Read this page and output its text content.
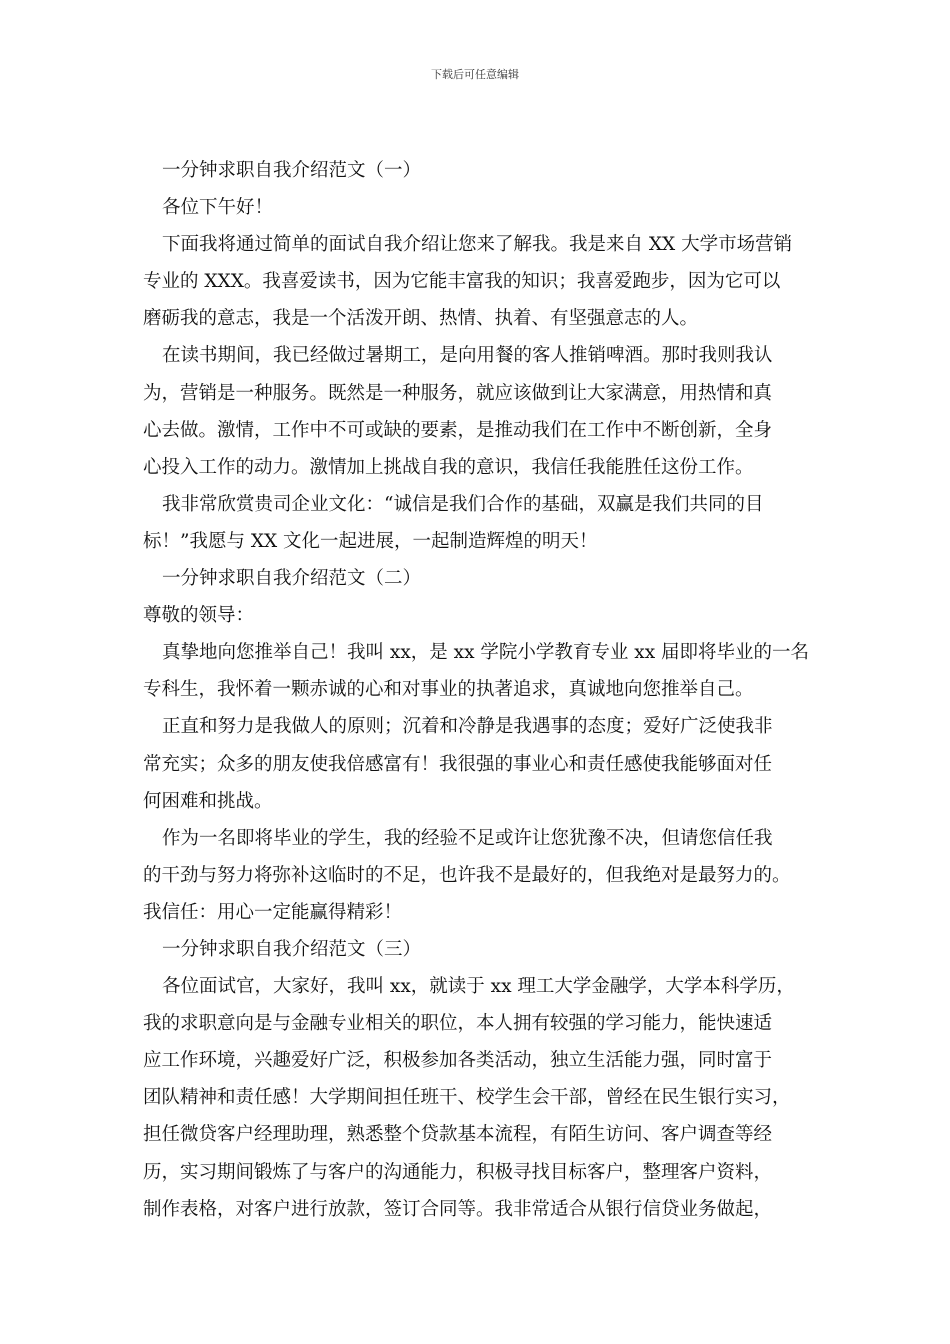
下载后可任意编辑
一分钟求职自我介绍范文（一）
各位下午好！
下面我将通过简单的面试自我介绍让您来了解我。我是来自 XX 大学市场营销
专业的 XXX。我喜爱读书，因为它能丰富我的知识；我喜爱跑步，因为它可以
磨砺我的意志，我是一个活泼开朗、热情、执着、有坚强意志的人。
在读书期间，我已经做过暑期工，是向用餐的客人推销啤酒。那时我则我认
为，营销是一种服务。既然是一种服务，就应该做到让大家满意，用热情和真
心去做。激情，工作中不可或缺的要素，是推动我们在工作中不断创新，全身
心投入工作的动力。激情加上挑战自我的意识，我信任我能胜任这份工作。
我非常欣赏贵司企业文化：“诚信是我们合作的基础，双赢是我们共同的目
标！”我愿与 XX 文化一起进展，一起制造辉煌的明天！
一分钟求职自我介绍范文（二）
尊敬的领导：
真挚地向您推举自己！我叫 xx，是 xx 学院小学教育专业 xx 届即将毕业的一名
专科生，我怀着一颗赤诚的心和对事业的执著追求，真诚地向您推举自己。
正直和努力是我做人的原则；沉着和冷静是我遇事的态度；爱好广泛使我非
常充实；众多的朋友使我倍感富有！我很强的事业心和责任感使我能够面对任
何困难和挑战。
作为一名即将毕业的学生，我的经验不足或许让您犹豫不决，但请您信任我
的干劲与努力将弥补这临时的不足，也许我不是最好的，但我绝对是最努力的。
我信任：用心一定能赢得精彩！
一分钟求职自我介绍范文（三）
各位面试官，大家好，我叫 xx，就读于 xx 理工大学金融学，大学本科学历，
我的求职意向是与金融专业相关的职位，本人拥有较强的学习能力，能快速适
应工作环境，兴趣爱好广泛，积极参加各类活动，独立生活能力强，同时富于
团队精神和责任感！大学期间担任班干、校学生会干部，曾经在民生银行实习，
担任微贷客户经理助理，熟悉整个贷款基本流程，有陌生访问、客户调查等经
历，实习期间锻炼了与客户的沟通能力，积极寻找目标客户，整理客户资料，
制作表格，对客户进行放款，签订合同等。我非常适合从银行信贷业务做起，
